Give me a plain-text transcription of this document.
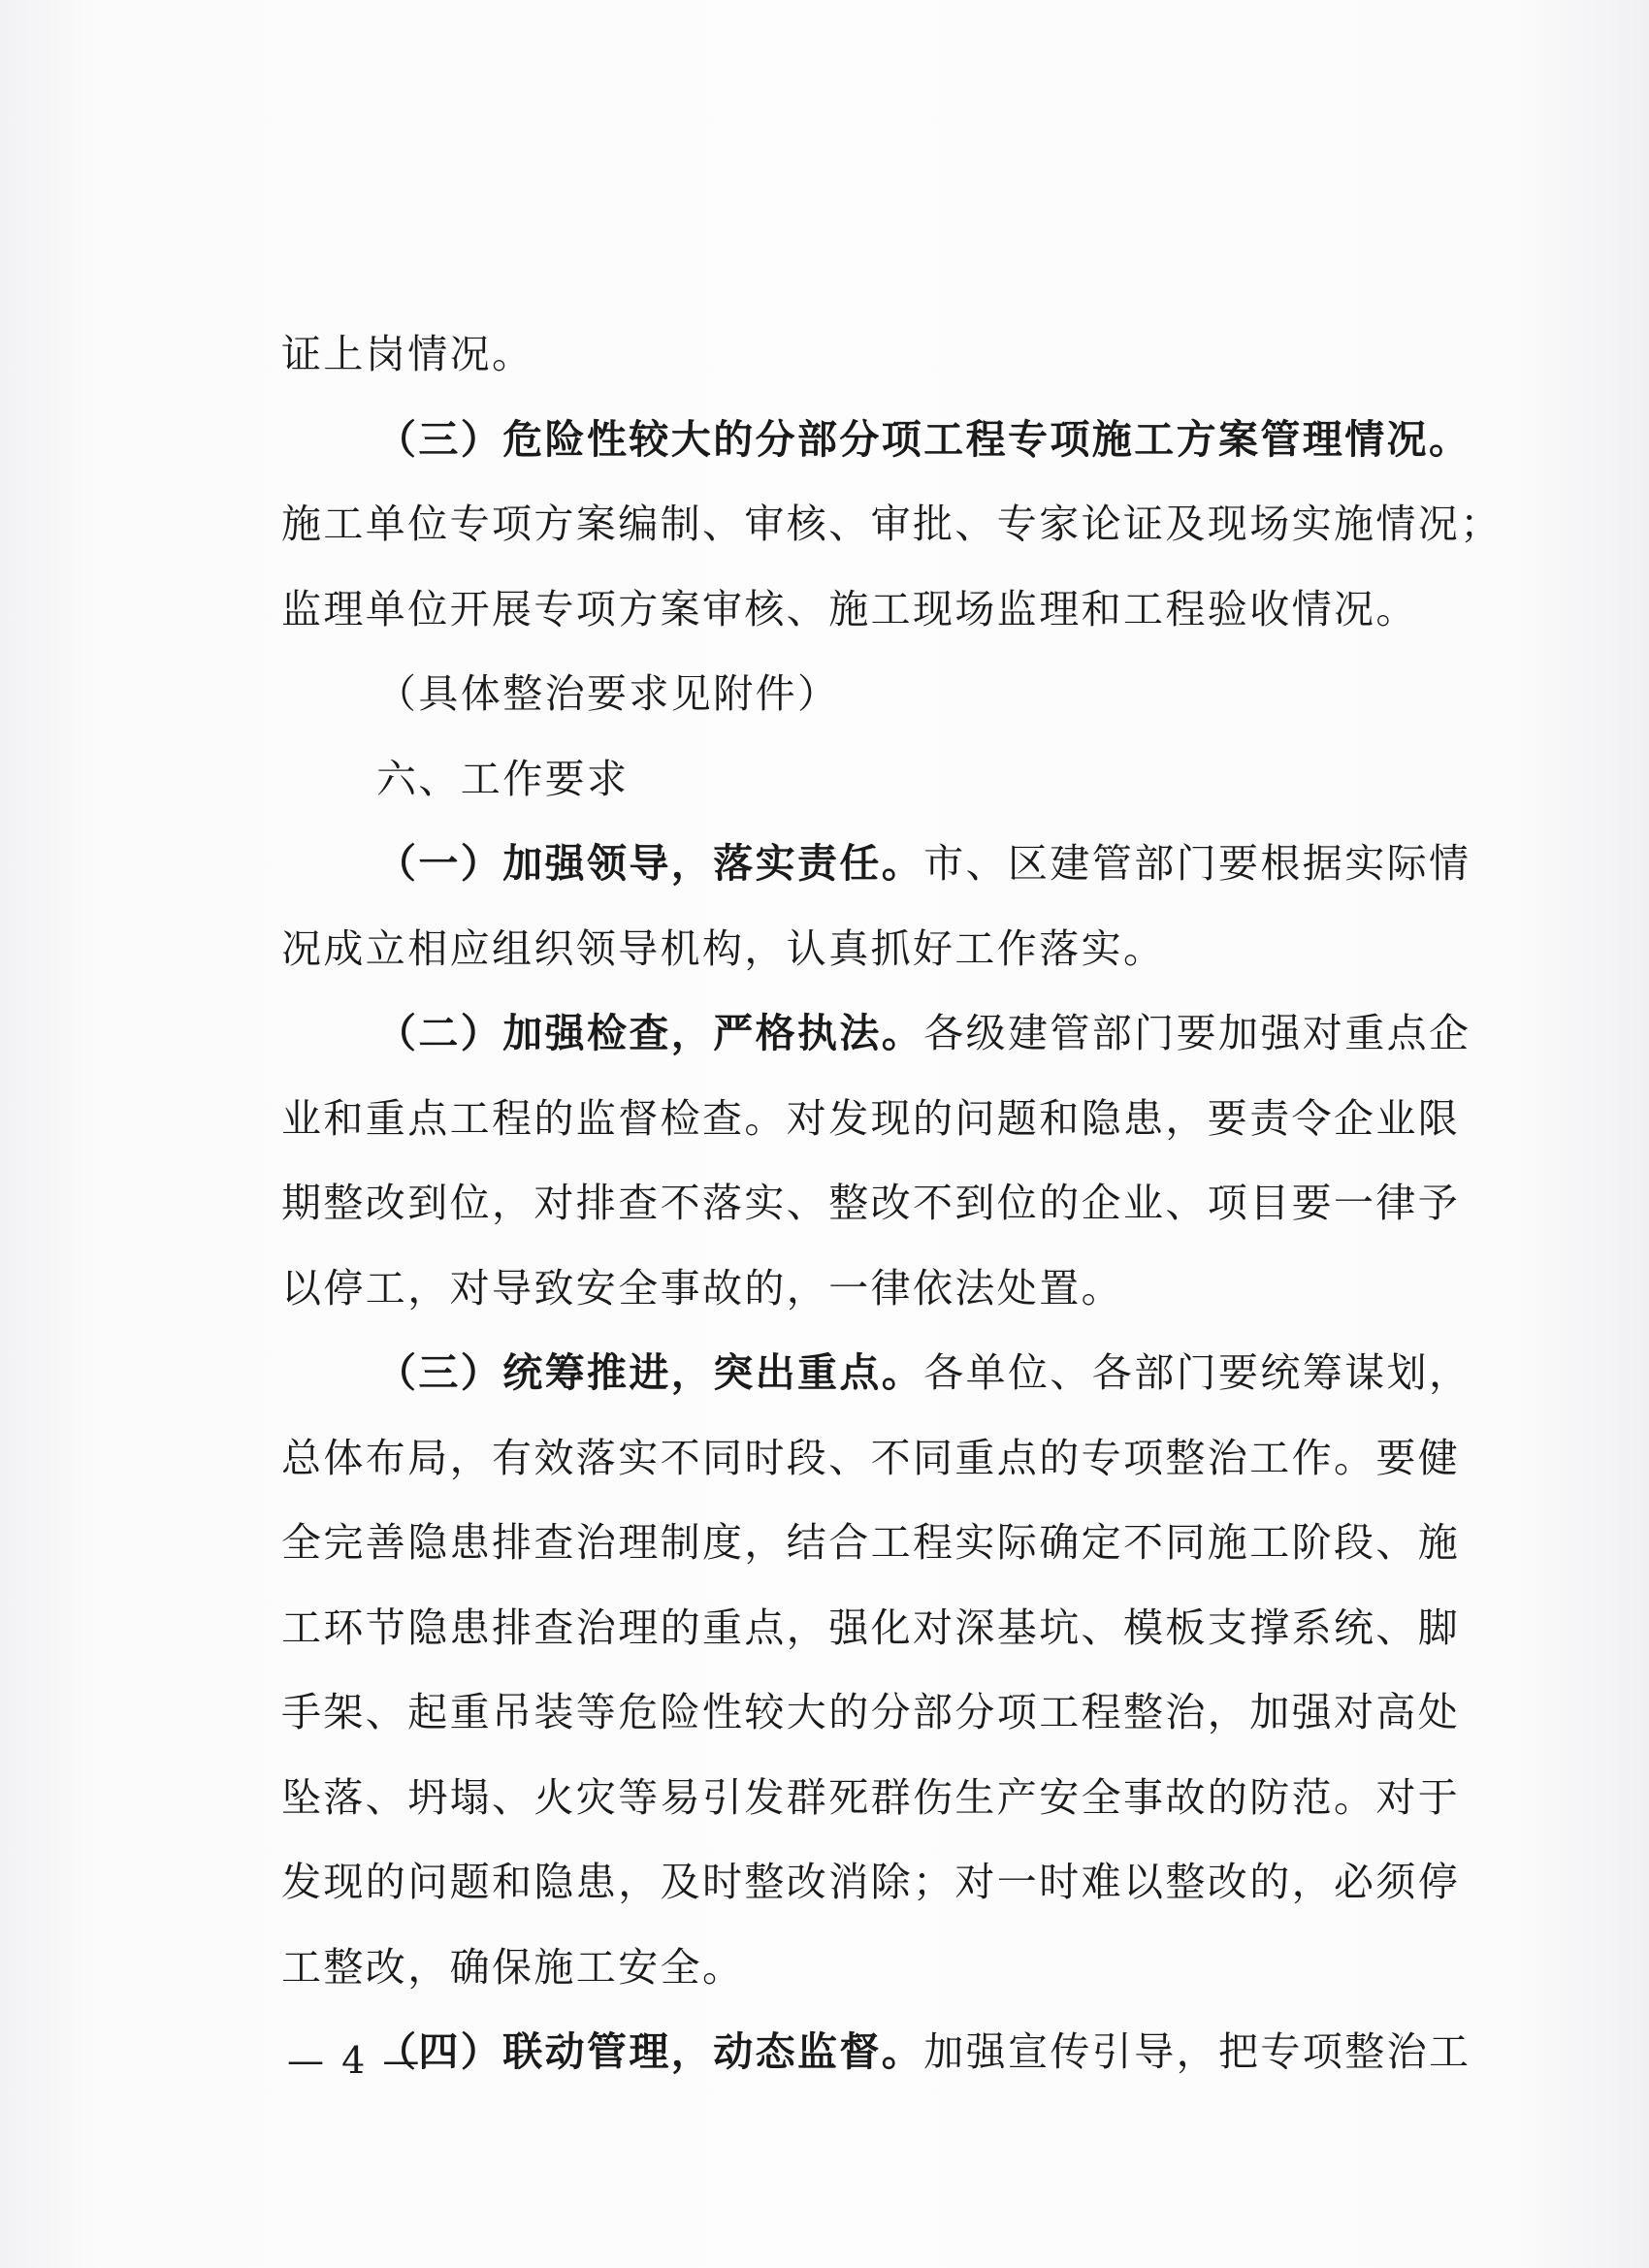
证上岗情况。
（三）危险性较大的分部分项工程专项施工方案管理情况。
施工单位专项方案编制、审核、审批、专家论证及现场实施情况；
监理单位开展专项方案审核、施工现场监理和工程验收情况。
（具体整治要求见附件）
六、工作要求
（一）加强领导，落实责任。市、区建管部门要根据实际情
况成立相应组织领导机构，认真抓好工作落实。
（二）加强检查，严格执法。各级建管部门要加强对重点企
业和重点工程的监督检查。对发现的问题和隐患，要责令企业限
期整改到位，对排查不落实、整改不到位的企业、项目要一律予
以停工，对导致安全事故的，一律依法处置。
（三）统筹推进，突出重点。各单位、各部门要统筹谋划，
总体布局，有效落实不同时段、不同重点的专项整治工作。要健
全完善隐患排查治理制度，结合工程实际确定不同施工阶段、施
工环节隐患排查治理的重点，强化对深基坑、模板支撑系统、脚
手架、起重吊装等危险性较大的分部分项工程整治，加强对高处
坠落、坍塌、火灾等易引发群死群伤生产安全事故的防范。对于
发现的问题和隐患，及时整改消除；对一时难以整改的，必须停
工整改，确保施工安全。
（四）联动管理，动态监督。加强宣传引导，把专项整治工
— 4 —
